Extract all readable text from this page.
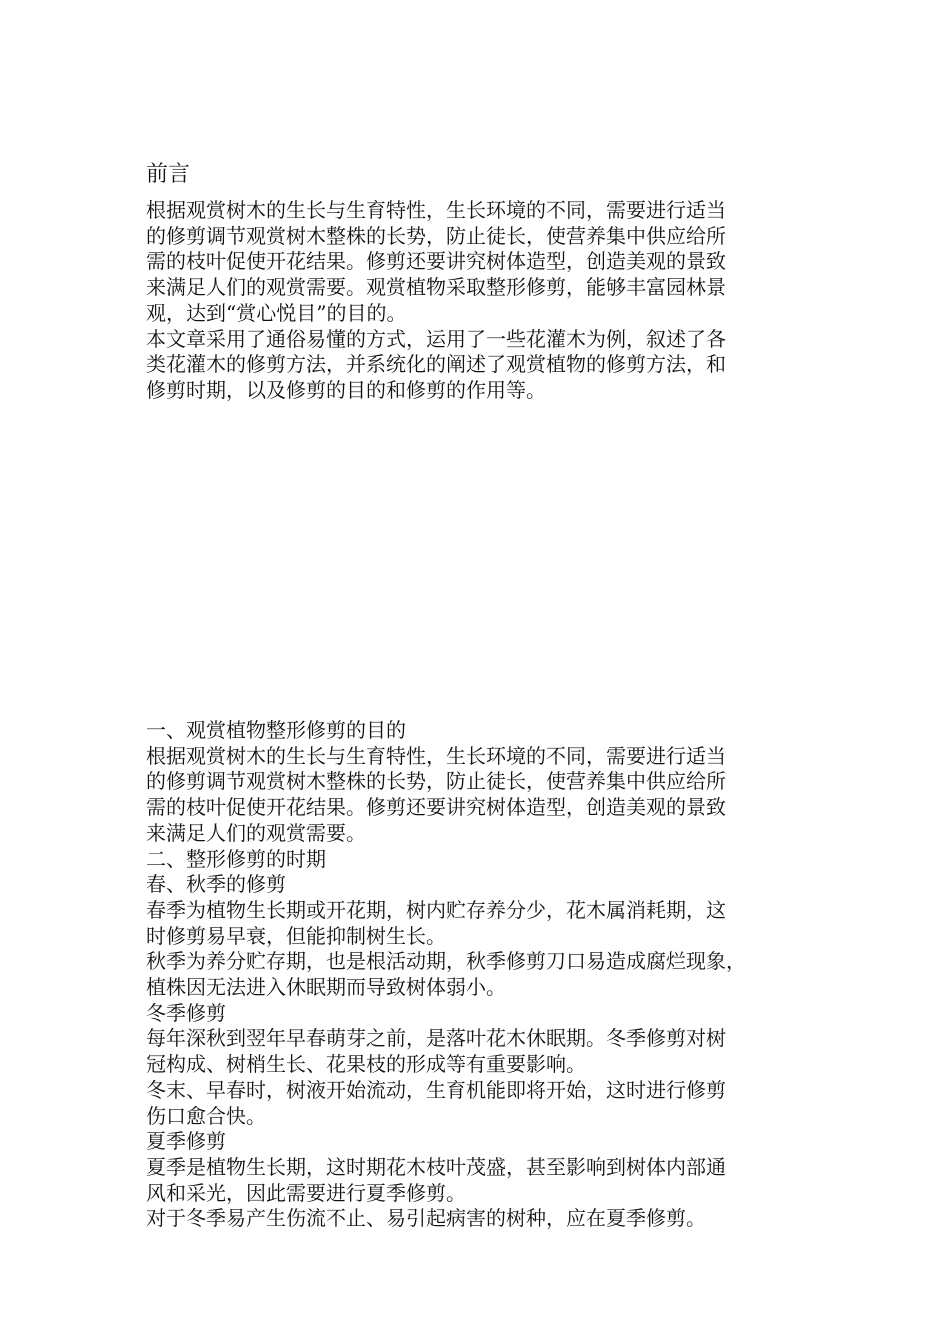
前言

根据观赏树木的生长与生育特性，生长环境的不同，需要进行适当

的修剪调节观赏树木整株的长势，防止徒长，使营养集中供应给所

需的枝叶促使开花结果。修剪还要讲究树体造型，创造美观的景致

来满足人们的观赏需要。观赏植物采取整形修剪，能够丰富园林景

观，达到“赏心悦目”的目的。

本文章采用了通俗易懂的方式，运用了一些花灌木为例，叙述了各

类花灌木的修剪方法，并系统化的阐述了观赏植物的修剪方法，和

修剪时期，以及修剪的目的和修剪的作用等。

一、观赏植物整形修剪的目的

根据观赏树木的生长与生育特性，生长环境的不同，需要进行适当

的修剪调节观赏树木整株的长势，防止徒长，使营养集中供应给所

需的枝叶促使开花结果。修剪还要讲究树体造型，创造美观的景致

来满足人们的观赏需要。

二、整形修剪的时期

春、秋季的修剪

春季为植物生长期或开花期，树内贮存养分少，花木属消耗期，这

时修剪易早衰，但能抑制树生长。

秋季为养分贮存期，也是根活动期，秋季修剪刀口易造成腐烂现象，

植株因无法进入休眠期而导致树体弱小。

冬季修剪

每年深秋到翌年早春萌芽之前，是落叶花木休眠期。冬季修剪对树

冠构成、树梢生长、花果枝的形成等有重要影响。

冬末、早春时，树液开始流动，生育机能即将开始，这时进行修剪

伤口愈合快。

夏季修剪

夏季是植物生长期，这时期花木枝叶茂盛，甚至影响到树体内部通

风和采光，因此需要进行夏季修剪。

对于冬季易产生伤流不止、易引起病害的树种，应在夏季修剪。
